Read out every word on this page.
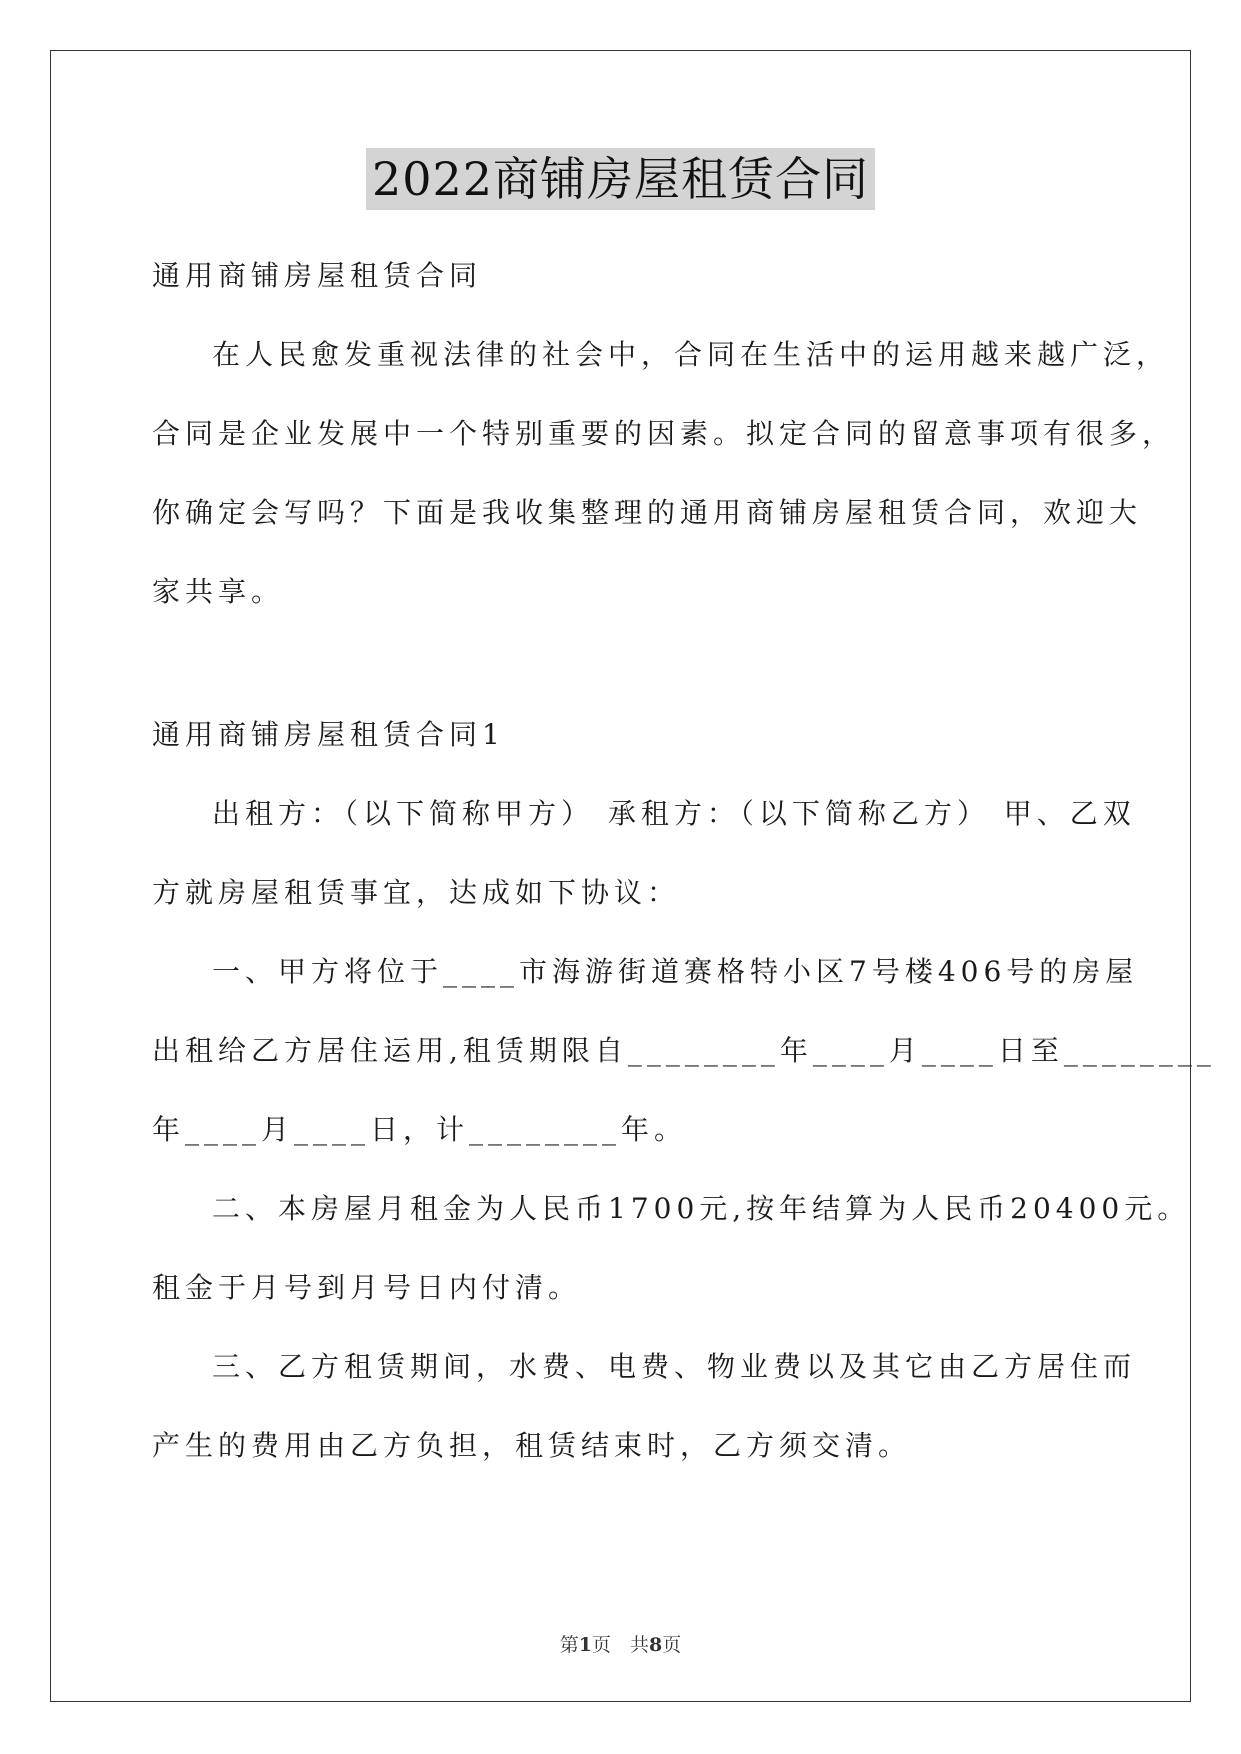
2022商铺房屋租赁合同

通用商铺房屋租赁合同

在人民愈发重视法律的社会中，合同在生活中的运用越来越广泛，
合同是企业发展中一个特别重要的因素。拟定合同的留意事项有很多，
你确定会写吗？下面是我收集整理的通用商铺房屋租赁合同，欢迎大
家共享。

通用商铺房屋租赁合同1

出租方：（以下简称甲方） 承租方：（以下简称乙方） 甲、乙双
方就房屋租赁事宜，达成如下协议：

一、甲方将位于____市海游街道赛格特小区7号楼406号的房屋
出租给乙方居住运用,租赁期限自________年____月____日至________
年____月____日，计________年。

二、本房屋月租金为人民币1700元,按年结算为人民币20400元。
租金于月号到月号日内付清。

三、乙方租赁期间，水费、电费、物业费以及其它由乙方居住而
产生的费用由乙方负担，租赁结束时，乙方须交清。

第1页　共8页
